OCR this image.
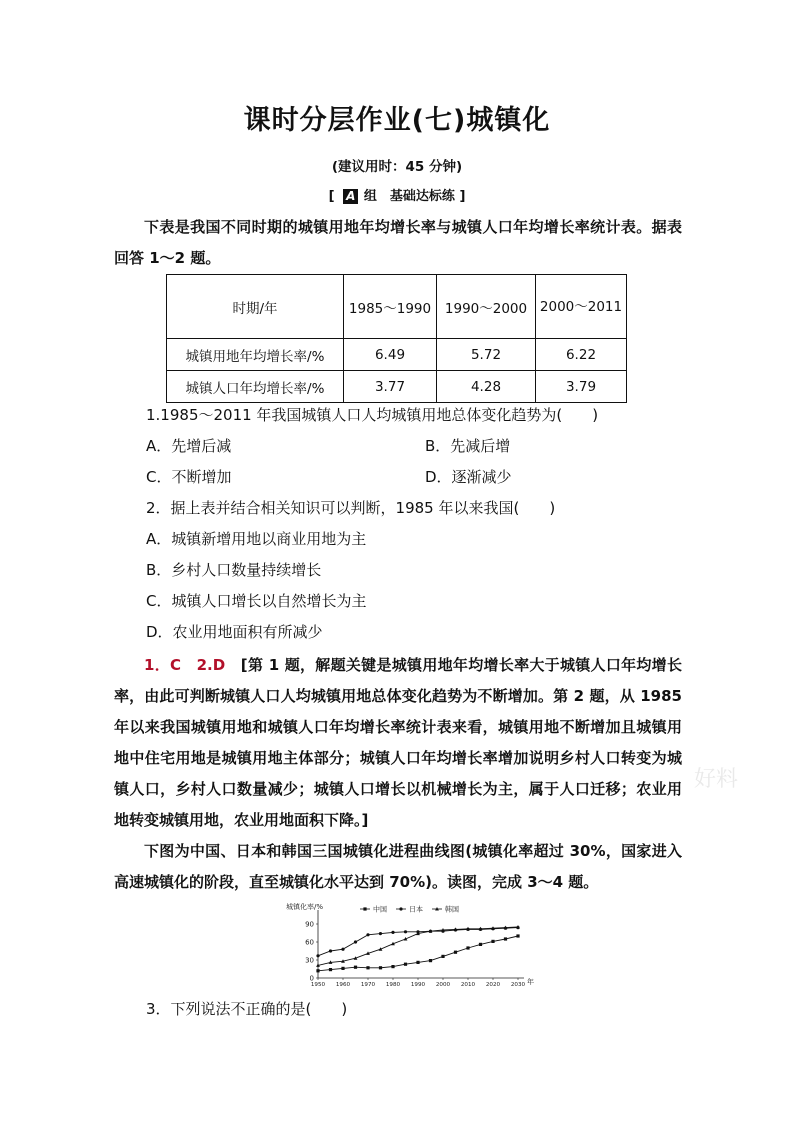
课时分层作业(七)城镇化
(建议用时：45 分钟)
[ A 组　基础达标练 ]
下表是我国不同时期的城镇用地年均增长率与城镇人口年均增长率统计表。据表回答 1～2 题。
时期/年	1985～1990	1990～2000	2000～2011
城镇用地年均增长率/%	6.49	5.72	6.22
城镇人口年均增长率/%	3.77	4.28	3.79
1.1985～2011 年我国城镇人口人均城镇用地总体变化趋势为(　　)
A．先增后减	B．先减后增
C．不断增加	D．逐渐减少
2．据上表并结合相关知识可以判断，1985 年以来我国(　　)
A．城镇新增用地以商业用地为主
B．乡村人口数量持续增长
C．城镇人口增长以自然增长为主
D．农业用地面积有所减少
1．C　2.D　 [第 1 题，解题关键是城镇用地年均增长率大于城镇人口年均增长率，由此可判断城镇人口人均城镇用地总体变化趋势为不断增加。第 2 题，从 1985 年以来我国城镇用地和城镇人口年均增长率统计表来看，城镇用地不断增加且城镇用地中住宅用地是城镇用地主体部分；城镇人口年均增长率增加说明乡村人口转变为城镇人口，乡村人口数量减少；城镇人口增长以机械增长为主，属于人口迁移；农业用地转变城镇用地，农业用地面积下降。]
好料
下图为中国、日本和韩国三国城镇化进程曲线图(城镇化率超过 30%，国家进入高速城镇化的阶段，直至城镇化水平达到 70%)。读图，完成 3～4 题。
0
30
60
90
1950 1960 1970 1980 1990 2000 2010 2020 2030
城镇化率/%
年
中国	日本	韩国
3．下列说法不正确的是(　　)
